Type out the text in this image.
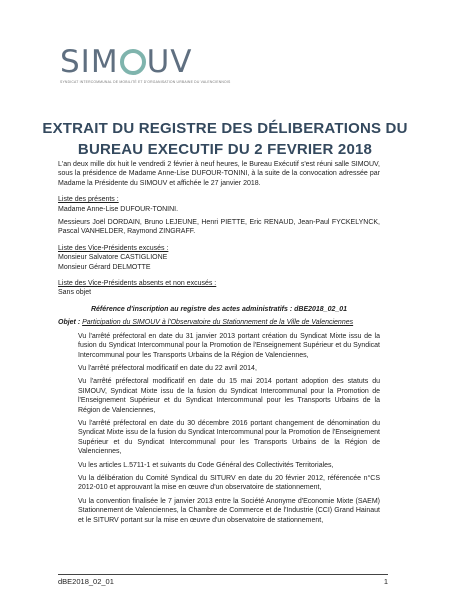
SIM UV
SYNDICAT INTERCOMMUNAL DE MOBILITÉ ET D'ORGANISATION URBAINE DU VALENCIENNOIS
EXTRAIT DU REGISTRE DES DÉLIBERATIONS DU
BUREAU EXECUTIF DU 2 FEVRIER 2018

L'an deux mille dix huit le vendredi 2 février à neuf heures, le Bureau Exécutif s'est réuni salle SIMOUV, sous la présidence de Madame Anne-Lise DUFOUR-TONINI, à la suite de la convocation adressée par Madame la Présidente du SIMOUV et affichée le 27 janvier 2018.

Liste des présents :

Madame Anne-Lise DUFOUR-TONINI.

Messieurs Joël DORDAIN, Bruno LEJEUNE, Henri PIETTE, Eric RENAUD, Jean-Paul FYCKELYNCK, Pascal VANHELDER, Raymond ZINGRAFF.

Liste des Vice-Présidents excusés :

Monsieur Salvatore CASTIGLIONE

Monsieur Gérard DELMOTTE

Liste des Vice-Présidents absents et non excusés :

Sans objet

Référence d'inscription au registre des actes administratifs : dBE2018_02_01

Objet : Participation du SIMOUV à l'Observatoire du Stationnement de la Ville de Valenciennes

Vu l'arrêté préfectoral en date du 31 janvier 2013 portant création du Syndicat Mixte issu de la fusion du Syndicat Intercommunal pour la Promotion de l'Enseignement Supérieur et du Syndicat Intercommunal pour les Transports Urbains de la Région de Valenciennes,

Vu l'arrêté préfectoral modificatif en date du 22 avril 2014,

Vu l'arrêté préfectoral modificatif en date du 15 mai 2014 portant adoption des statuts du SIMOUV, Syndicat Mixte issu de la fusion du Syndicat Intercommunal pour la Promotion de l'Enseignement Supérieur et du Syndicat Intercommunal pour les Transports Urbains de la Région de Valenciennes,

Vu l'arrêté préfectoral en date du 30 décembre 2016 portant changement de dénomination du Syndicat Mixte issu de la fusion du Syndicat Intercommunal pour la Promotion de l'Enseignement Supérieur et du Syndicat Intercommunal pour les Transports Urbains de la Région de Valenciennes,

Vu les articles L.5711-1 et suivants du Code Général des Collectivités Territoriales,

Vu la délibération du Comité Syndical du SITURV en date du 20 février 2012, référencée n°CS 2012-010 et approuvant la mise en œuvre d'un observatoire de stationnement,

Vu la convention finalisée le 7 janvier 2013 entre la Société Anonyme d'Economie Mixte (SAEM) Stationnement de Valenciennes, la Chambre de Commerce et de l'Industrie (CCI) Grand Hainaut et le SITURV portant sur la mise en œuvre d'un observatoire de stationnement,

dBE2018_02_01	1
